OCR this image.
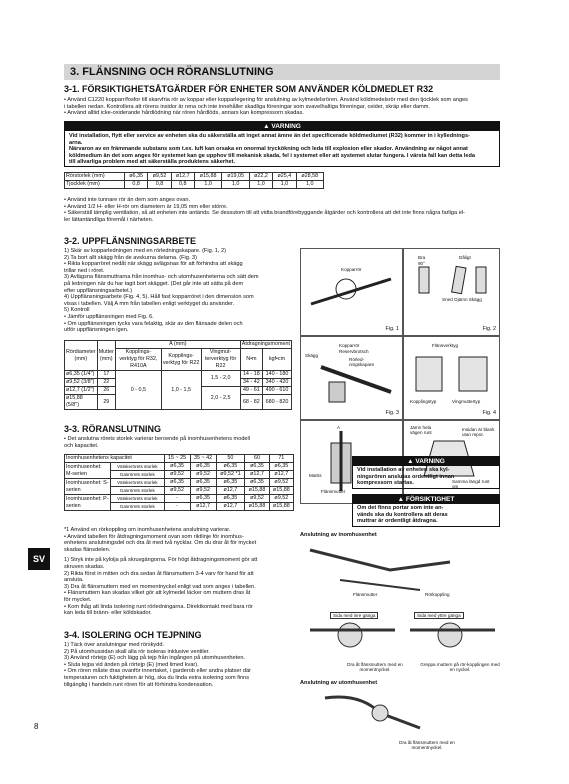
3. FLÄNSNING OCH RÖRANSLUTNING
3-1. FÖRSIKTIGHETSÅTGÄRDER FÖR ENHETER SOM ANVÄNDER KÖLDMEDLET R32
• Använd C1220 kopparr/fosfor till skarvfria rör av koppar eller kopparlegering för anslutning av kylmedelsrören. Använd köldmedelsrör med den tjocklek som anges
i tabellen nedan. Kontrollera att rörens insidor är rena och inte innehåller skadliga föreningar som svavelhaltiga föreningar, oxider, skräp eller damm.
• Använd alltid icke-oxiderande hårdlödning när rören hårdlöds, annars kan kompressorn skadas.
▲ VARNING
Vid installation, flytt eller service av enheten ska du säkerställa att inget annat ämne än det specificerade köldmediumet (R32) kommer in i kyllednings-
arna.
Närvaron av en främmande substans som t.ex. luft kan orsaka en onormal tryckökning och leda till explosion eller skador. Användning av något annat
köldmedium än det som anges för systemet kan ge upphov till mekanisk skada, fel i systemet eller att systemet slutar fungera. I värsta fall kan detta leda
till allvarliga problem med att säkerställa produktens säkerhet.
Rörstorlek (mm)	ø6,35	ø9,52	ø12,7	ø15,88	ø19,05	ø22,2	ø25,4	ø28,58
Tjocklek (mm)	0,8	0,8	0,8	1,0	1,0	1,0	1,0	1,0
• Använd inte tunnare rör än dem som anges ovan.
• Använd 1/2 H- eller H-rör om diametern är 19,05 mm eller större.
• Säkerställ tämplig ventilation, så att enheten inte antänds. Se dessutom till att vidta brandförebyggande åtgärder och kontrollera att det inte finns några farliga el-
ler lättantändliga föremål i närheten.
3-2. UPPFLÄNSNINGSARBETE
1) Skär av kopparledningen med en rörledningskapare. (Fig. 1, 2)
2) Ta bort allt skägg från de avskurna delarna. (Fig. 3)
• Rikta kopparröret nedåt när skägg avlägsnas för att förhindra att skägg
trillar ned i röret.
3) Avlägsna flänsmuttrarna från inomhus- och utomhusenheterna och sätt dem
på ledningen när du har tagit bort skägget. (Det går inte att sätta på dem
efter uppflänsningsarbetet.)
4) Uppflänsningsarbete (Fig. 4, 5). Håll fast kopparröret i den dimension som
visas i tabellen. Välj A mm från tabellen enligt verktyget du använder.
5) Kontroll
• Jämför uppflänsningen med Fig. 6.
• Om uppflänsningen tycks vara felaktig, skär av den flänsade delen och
utför uppflänsningen igen.
Rördiameter (mm)	Mutter (mm)	A (mm)			Åtdragningsmoment	
		Kopplings-verktyg för R32, R410A	Kopplings-verktyg för R22	Vingmut-terverktyg för R22	N•m	kgf•cm
ø6,35 (1/4")	17	0 - 0,5	1,0 - 1,5	1,5 - 2,0	14 - 18	140 - 180
ø9,52 (3/8")	22				34 - 42	340 - 420
ø12,7 (1/2")	26			2,0 - 2,5	49 - 61	490 - 610
ø15,88 (5/8")	29				68 - 82	680 - 820
Kopparrör
Fig. 1
Bra
90°
Dåligt
Sned Ojämn Skägg
Fig. 2
Skägg
Kopparrör
Reservbrotsch
Rörled-ningskapare
Fig. 3
Flänsverktyg
Kopplingstyp	Vingmuttertyp
Fig. 4
A
Matris
Flänsmutter
Jämn hela vägen runt
Insidan är blank utan repor.
Samma längd runt om
3-3. RÖRANSLUTNING
• Det anslutna rörets storlek varierar beroende på inomhusenhetens modell
och kapacitet.
Inomhusenhetens kapacitet		15 ~ 25	35 ~ 42	50	60	71
Inomhusenhet: M-serien	Vätskerörets storlek	ø6,35	ø6,35	ø6,35	ø6,35	ø6,35
	Gasrörets storlek	ø9,52	ø9,52	ø9,52 *1	ø12,7	ø12,7
Inomhusenhet: S-serien	Vätskerörets storlek	ø6,35	ø6,35	ø6,35	ø6,35	ø9,52
	Gasrörets storlek	ø9,52	ø9,52	ø12,7	ø15,88	ø15,88
Inomhusenhet: P-serien	Vätskerörets storlek	-	ø6,35	ø6,35	ø9,52	ø9,52
	Gasrörets storlek	-	ø12,7	ø12,7	ø15,88	ø15,88
*1 Använd en rörkoppling om inomhusenhetens anslutning varierar.
• Använd tabellen för åtdragningsmoment ovan som riktlinje för inomhus-
enhetens anslutningsdel och dra åt med två nycklar. Om du drar åt för mycket
skadas flänsdelen.
1) Stryk inte på kylolja på skruvgängorna. För högt åtdragningsmoment gör att
skruven skadas.
2) Rikta först in mitten och dra sedan åt flänsmuttern 3-4 varv för hand för att
ansluta.
3) Dra åt flänsmuttern med en momentnyckel enligt vad som anges i tabellen.
• Flänsmuttern kan skadas vilket gör att kylmedel läcker om muttern dras åt
för mycket.
• Kom ihåg att linda isolering runt rörledningarna. Direktkontakt med bara rör
kan leda till bränn- eller köldskador.
3-4. ISOLERING OCH TEJPNING
1) Täck över anslutningar med rörskydd.
2) På utomhussidan skall alla rör isoleras inklusive ventiler.
3) Använd rörtejp (E) och lägg på tejp från ingången på utomhusenheten.
• Sluta tejpa vid änden på rörtejp (E) (med limed kvar).
• Om rören måste dras ovanför innertaket, i garderob eller andra platser där
temperaturen och fuktigheten är hög, ska du linda extra isolering som finns
tillgänglig i handeln runt rören för att förhindra kondensation.
▲ VARNING
Vid installation av enheten ska kyl-
ningsrören anslutas ordentligt innan
kompressorn startas.
▲ FÖRSIKTIGHET
Om det finns portar som inte an-
vänds ska du kontrollera att deras
muttrar är ordentligt åtdragna.
Anslutning av inomhusenhet
Flänsmutter	Rörkoppling
Sida med inre gänga	Sida med yttre gänga
Dra åt flänsmuttern med en momentnyckel.
Greppa muttern på rör-kopplingen med en nyckel.
Anslutning av utomhusenhet
Dra åt flänsmuttern med en momentnyckel.
SV
8
